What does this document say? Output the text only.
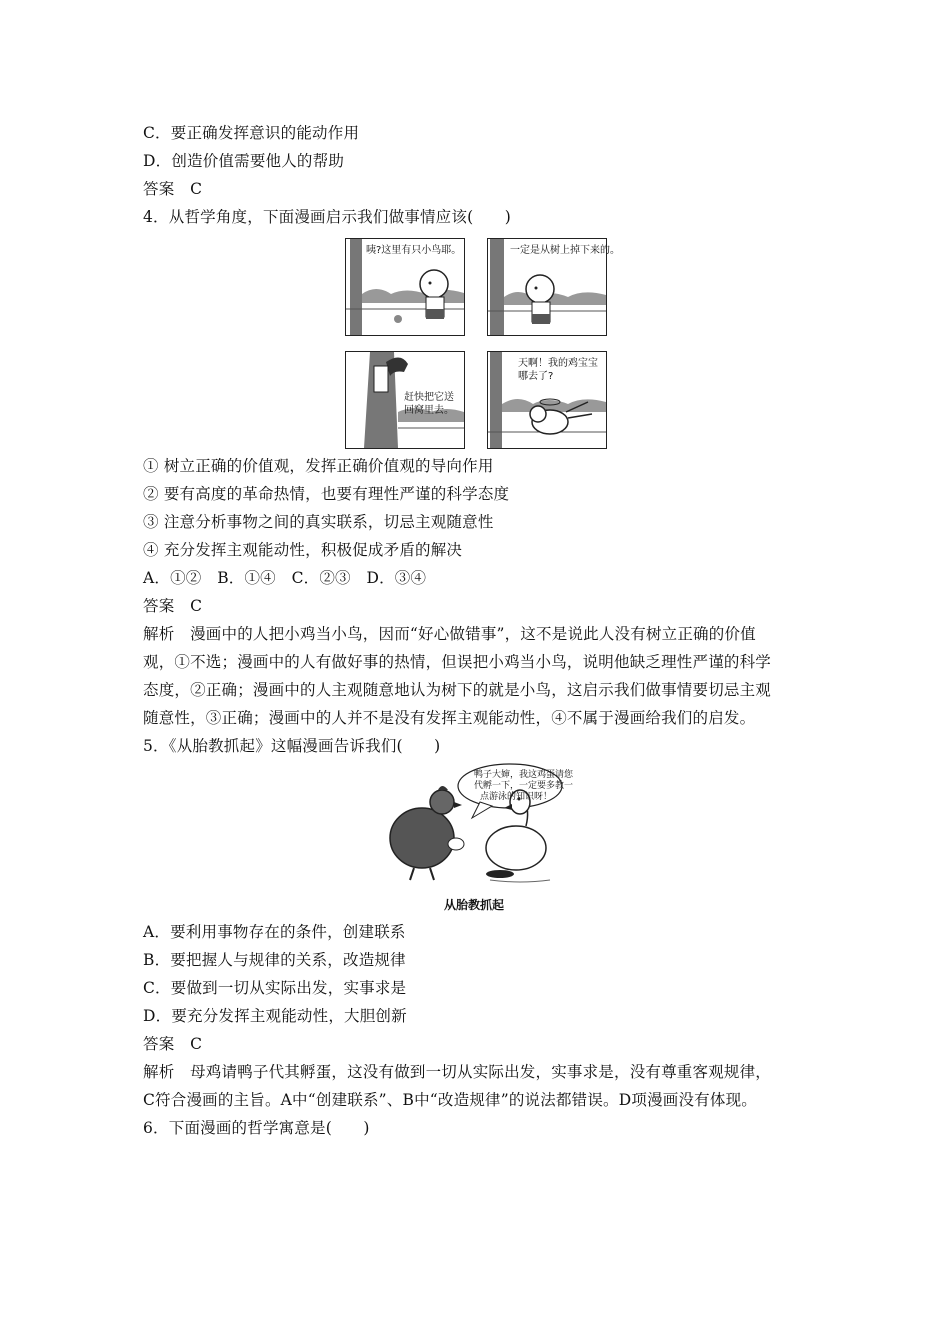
C．要正确发挥意识的能动作用
D．创造价值需要他人的帮助
答案　C
4．从哲学角度，下面漫画启示我们做事情应该(　　)
咦?这里有只小鸟耶。	一定是从树上掉下来的。
赶快把它送
回窝里去。
天啊！我的鸡宝宝
哪去了?
① 树立正确的价值观，发挥正确价值观的导向作用
② 要有高度的革命热情，也要有理性严谨的科学态度
③ 注意分析事物之间的真实联系，切忌主观随意性
④ 充分发挥主观能动性，积极促成矛盾的解决
A．①②　B．①④　C．②③　D．③④
答案　C
解析　漫画中的人把小鸡当小鸟，因而“好心做错事”，这不是说此人没有树立正确的价值
观，①不选；漫画中的人有做好事的热情，但误把小鸡当小鸟，说明他缺乏理性严谨的科学
态度，②正确；漫画中的人主观随意地认为树下的就是小鸟，这启示我们做事情要切忌主观
随意性，③正确；漫画中的人并不是没有发挥主观能动性，④不属于漫画给我们的启发。
5．《从胎教抓起》这幅漫画告诉我们(　　)
鸭子大婶，我这鸡蛋请您
代孵一下，一定要多教一
点游泳的知识呀！
从胎教抓起
A．要利用事物存在的条件，创建联系
B．要把握人与规律的关系，改造规律
C．要做到一切从实际出发，实事求是
D．要充分发挥主观能动性，大胆创新
答案　C
解析　母鸡请鸭子代其孵蛋，这没有做到一切从实际出发，实事求是，没有尊重客观规律，
C符合漫画的主旨。A中“创建联系”、B中“改造规律”的说法都错误。D项漫画没有体现。
6．下面漫画的哲学寓意是(　　)
